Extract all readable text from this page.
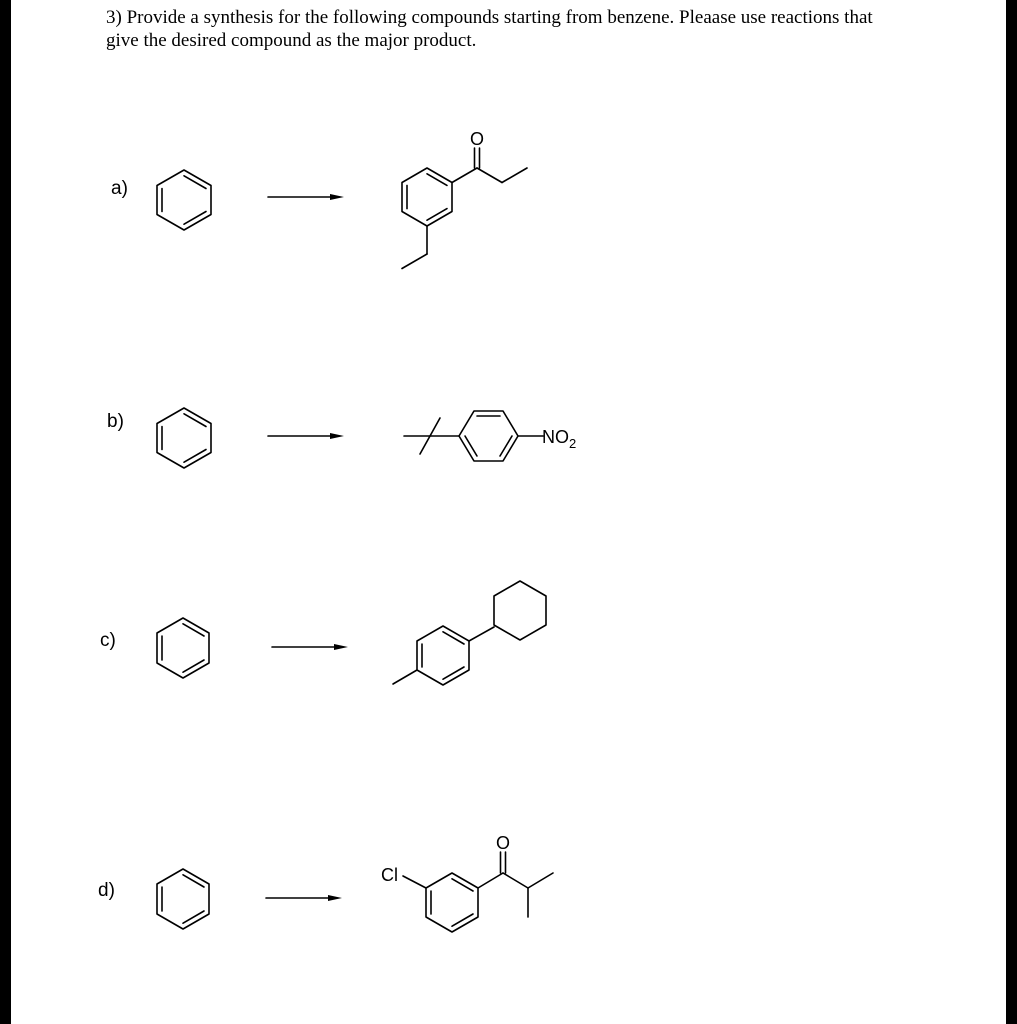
3) Provide a synthesis for the following compounds starting from benzene. Pleaase use reactions that
give the desired compound as the major product.
a)
b)
c)
d)
O
$NO_2$
Cl
O
